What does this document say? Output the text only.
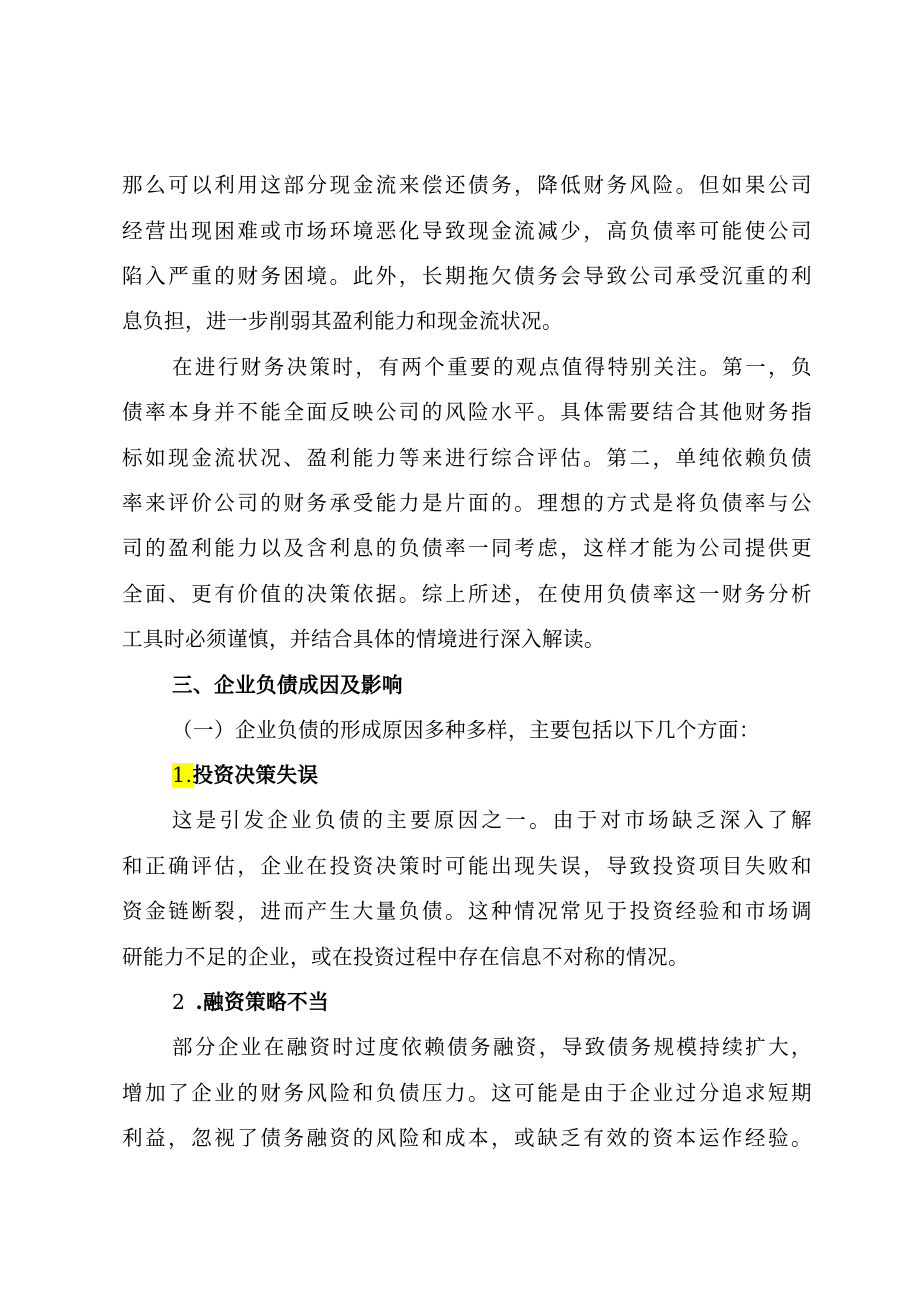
那么可以利用这部分现金流来偿还债务，降低财务风险。但如果公司
经营出现困难或市场环境恶化导致现金流减少，高负债率可能使公司
陷入严重的财务困境。此外，长期拖欠债务会导致公司承受沉重的利
息负担，进一步削弱其盈利能力和现金流状况。
在进行财务决策时，有两个重要的观点值得特别关注。第一，负
债率本身并不能全面反映公司的风险水平。具体需要结合其他财务指
标如现金流状况、盈利能力等来进行综合评估。第二，单纯依赖负债
率来评价公司的财务承受能力是片面的。理想的方式是将负债率与公
司的盈利能力以及含利息的负债率一同考虑，这样才能为公司提供更
全面、更有价值的决策依据。综上所述，在使用负债率这一财务分析
工具时必须谨慎，并结合具体的情境进行深入解读。
三、企业负债成因及影响
（一）企业负债的形成原因多种多样，主要包括以下几个方面：
1.投资决策失误
这是引发企业负债的主要原因之一。由于对市场缺乏深入了解
和正确评估，企业在投资决策时可能出现失误，导致投资项目失败和
资金链断裂，进而产生大量负债。这种情况常见于投资经验和市场调
研能力不足的企业，或在投资过程中存在信息不对称的情况。
2 .融资策略不当
部分企业在融资时过度依赖债务融资，导致债务规模持续扩大，
增加了企业的财务风险和负债压力。这可能是由于企业过分追求短期
利益，忽视了债务融资的风险和成本，或缺乏有效的资本运作经验。
